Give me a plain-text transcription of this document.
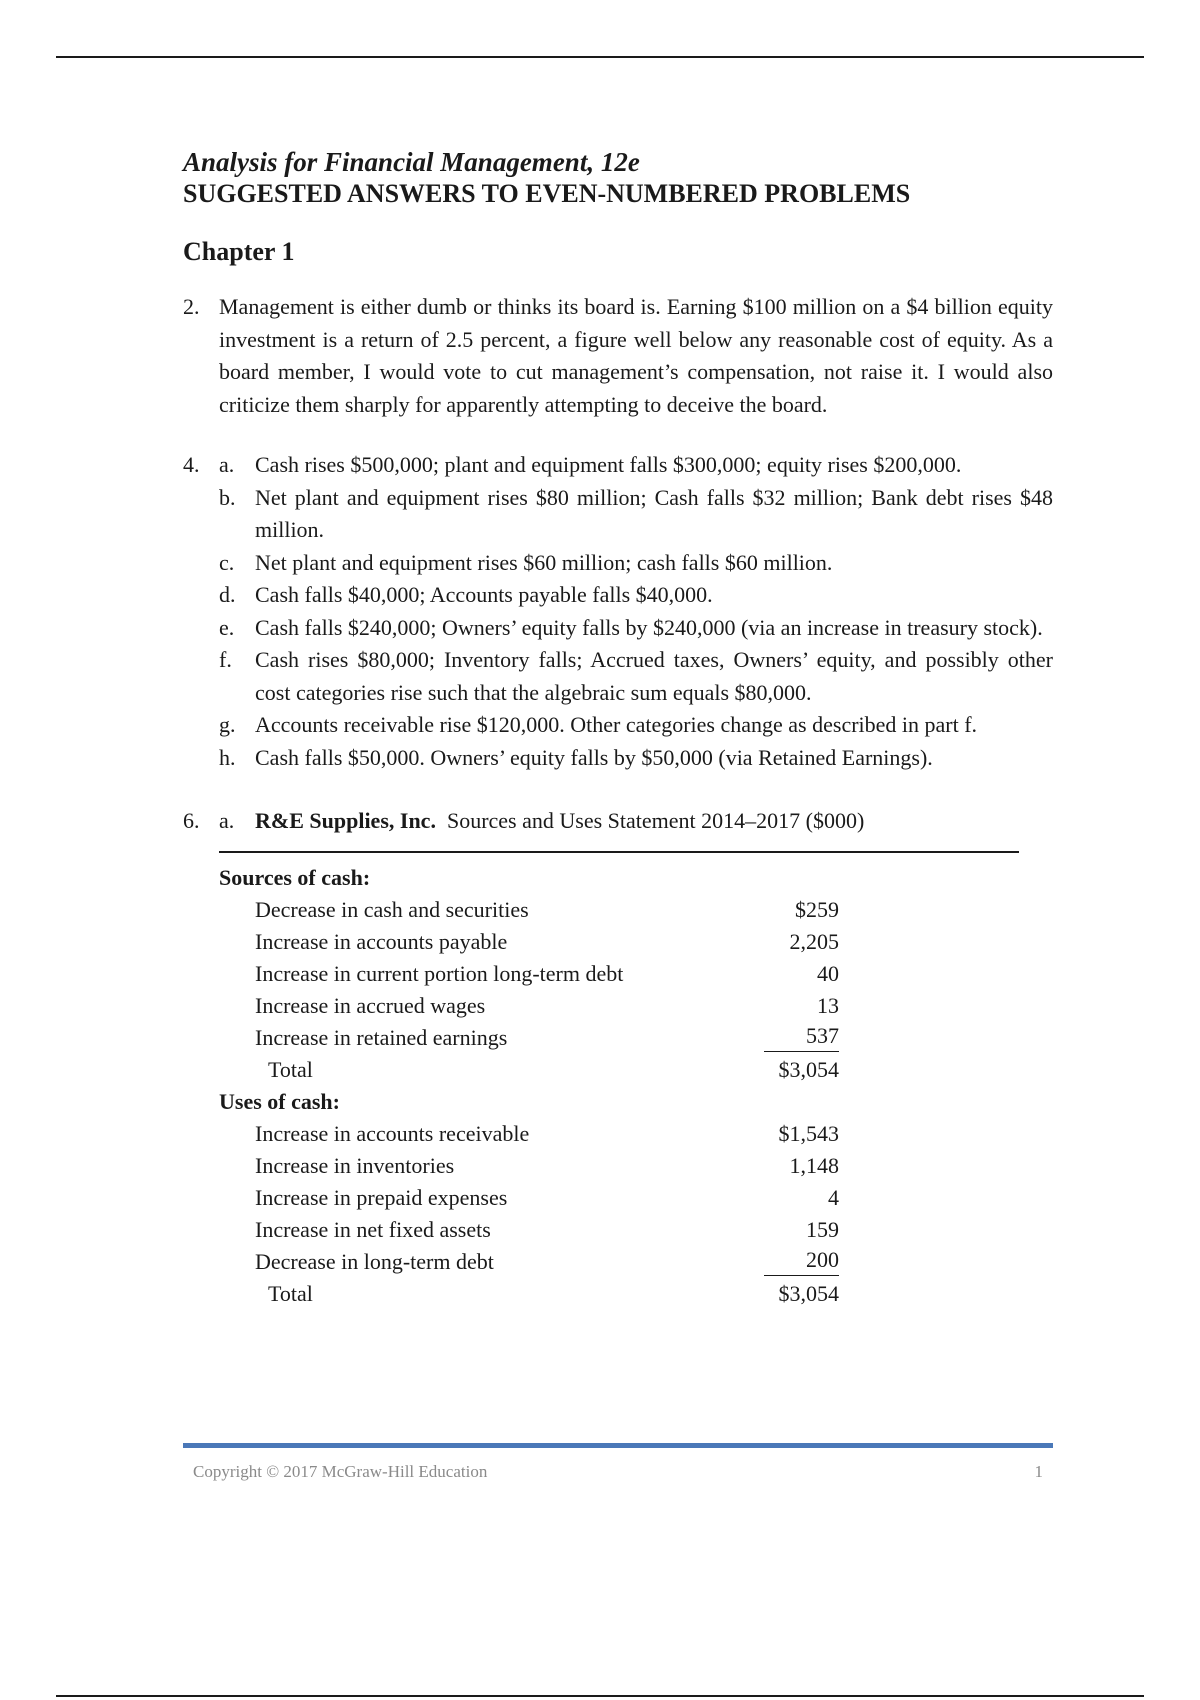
Analysis for Financial Management, 12e
SUGGESTED ANSWERS TO EVEN-NUMBERED PROBLEMS
Chapter 1
2. Management is either dumb or thinks its board is. Earning $100 million on a $4 billion equity investment is a return of 2.5 percent, a figure well below any reasonable cost of equity. As a board member, I would vote to cut management’s compensation, not raise it. I would also criticize them sharply for apparently attempting to deceive the board.
4. a. Cash rises $500,000; plant and equipment falls $300,000; equity rises $200,000.
b. Net plant and equipment rises $80 million; Cash falls $32 million; Bank debt rises $48 million.
c. Net plant and equipment rises $60 million; cash falls $60 million.
d. Cash falls $40,000; Accounts payable falls $40,000.
e. Cash falls $240,000; Owners’ equity falls by $240,000 (via an increase in treasury stock).
f. Cash rises $80,000; Inventory falls; Accrued taxes, Owners’ equity, and possibly other cost categories rise such that the algebraic sum equals $80,000.
g. Accounts receivable rise $120,000. Other categories change as described in part f.
h. Cash falls $50,000. Owners’ equity falls by $50,000 (via Retained Earnings).
6. a. R&E Supplies, Inc. Sources and Uses Statement 2014–2017 ($000)
Sources of cash:
Decrease in cash and securities	$259
Increase in accounts payable	2,205
Increase in current portion long-term debt	40
Increase in accrued wages	13
Increase in retained earnings	537
Total	$3,054
Uses of cash:
Increase in accounts receivable	$1,543
Increase in inventories	1,148
Increase in prepaid expenses	4
Increase in net fixed assets	159
Decrease in long-term debt	200
Total	$3,054
Copyright © 2017 McGraw-Hill Education	1
